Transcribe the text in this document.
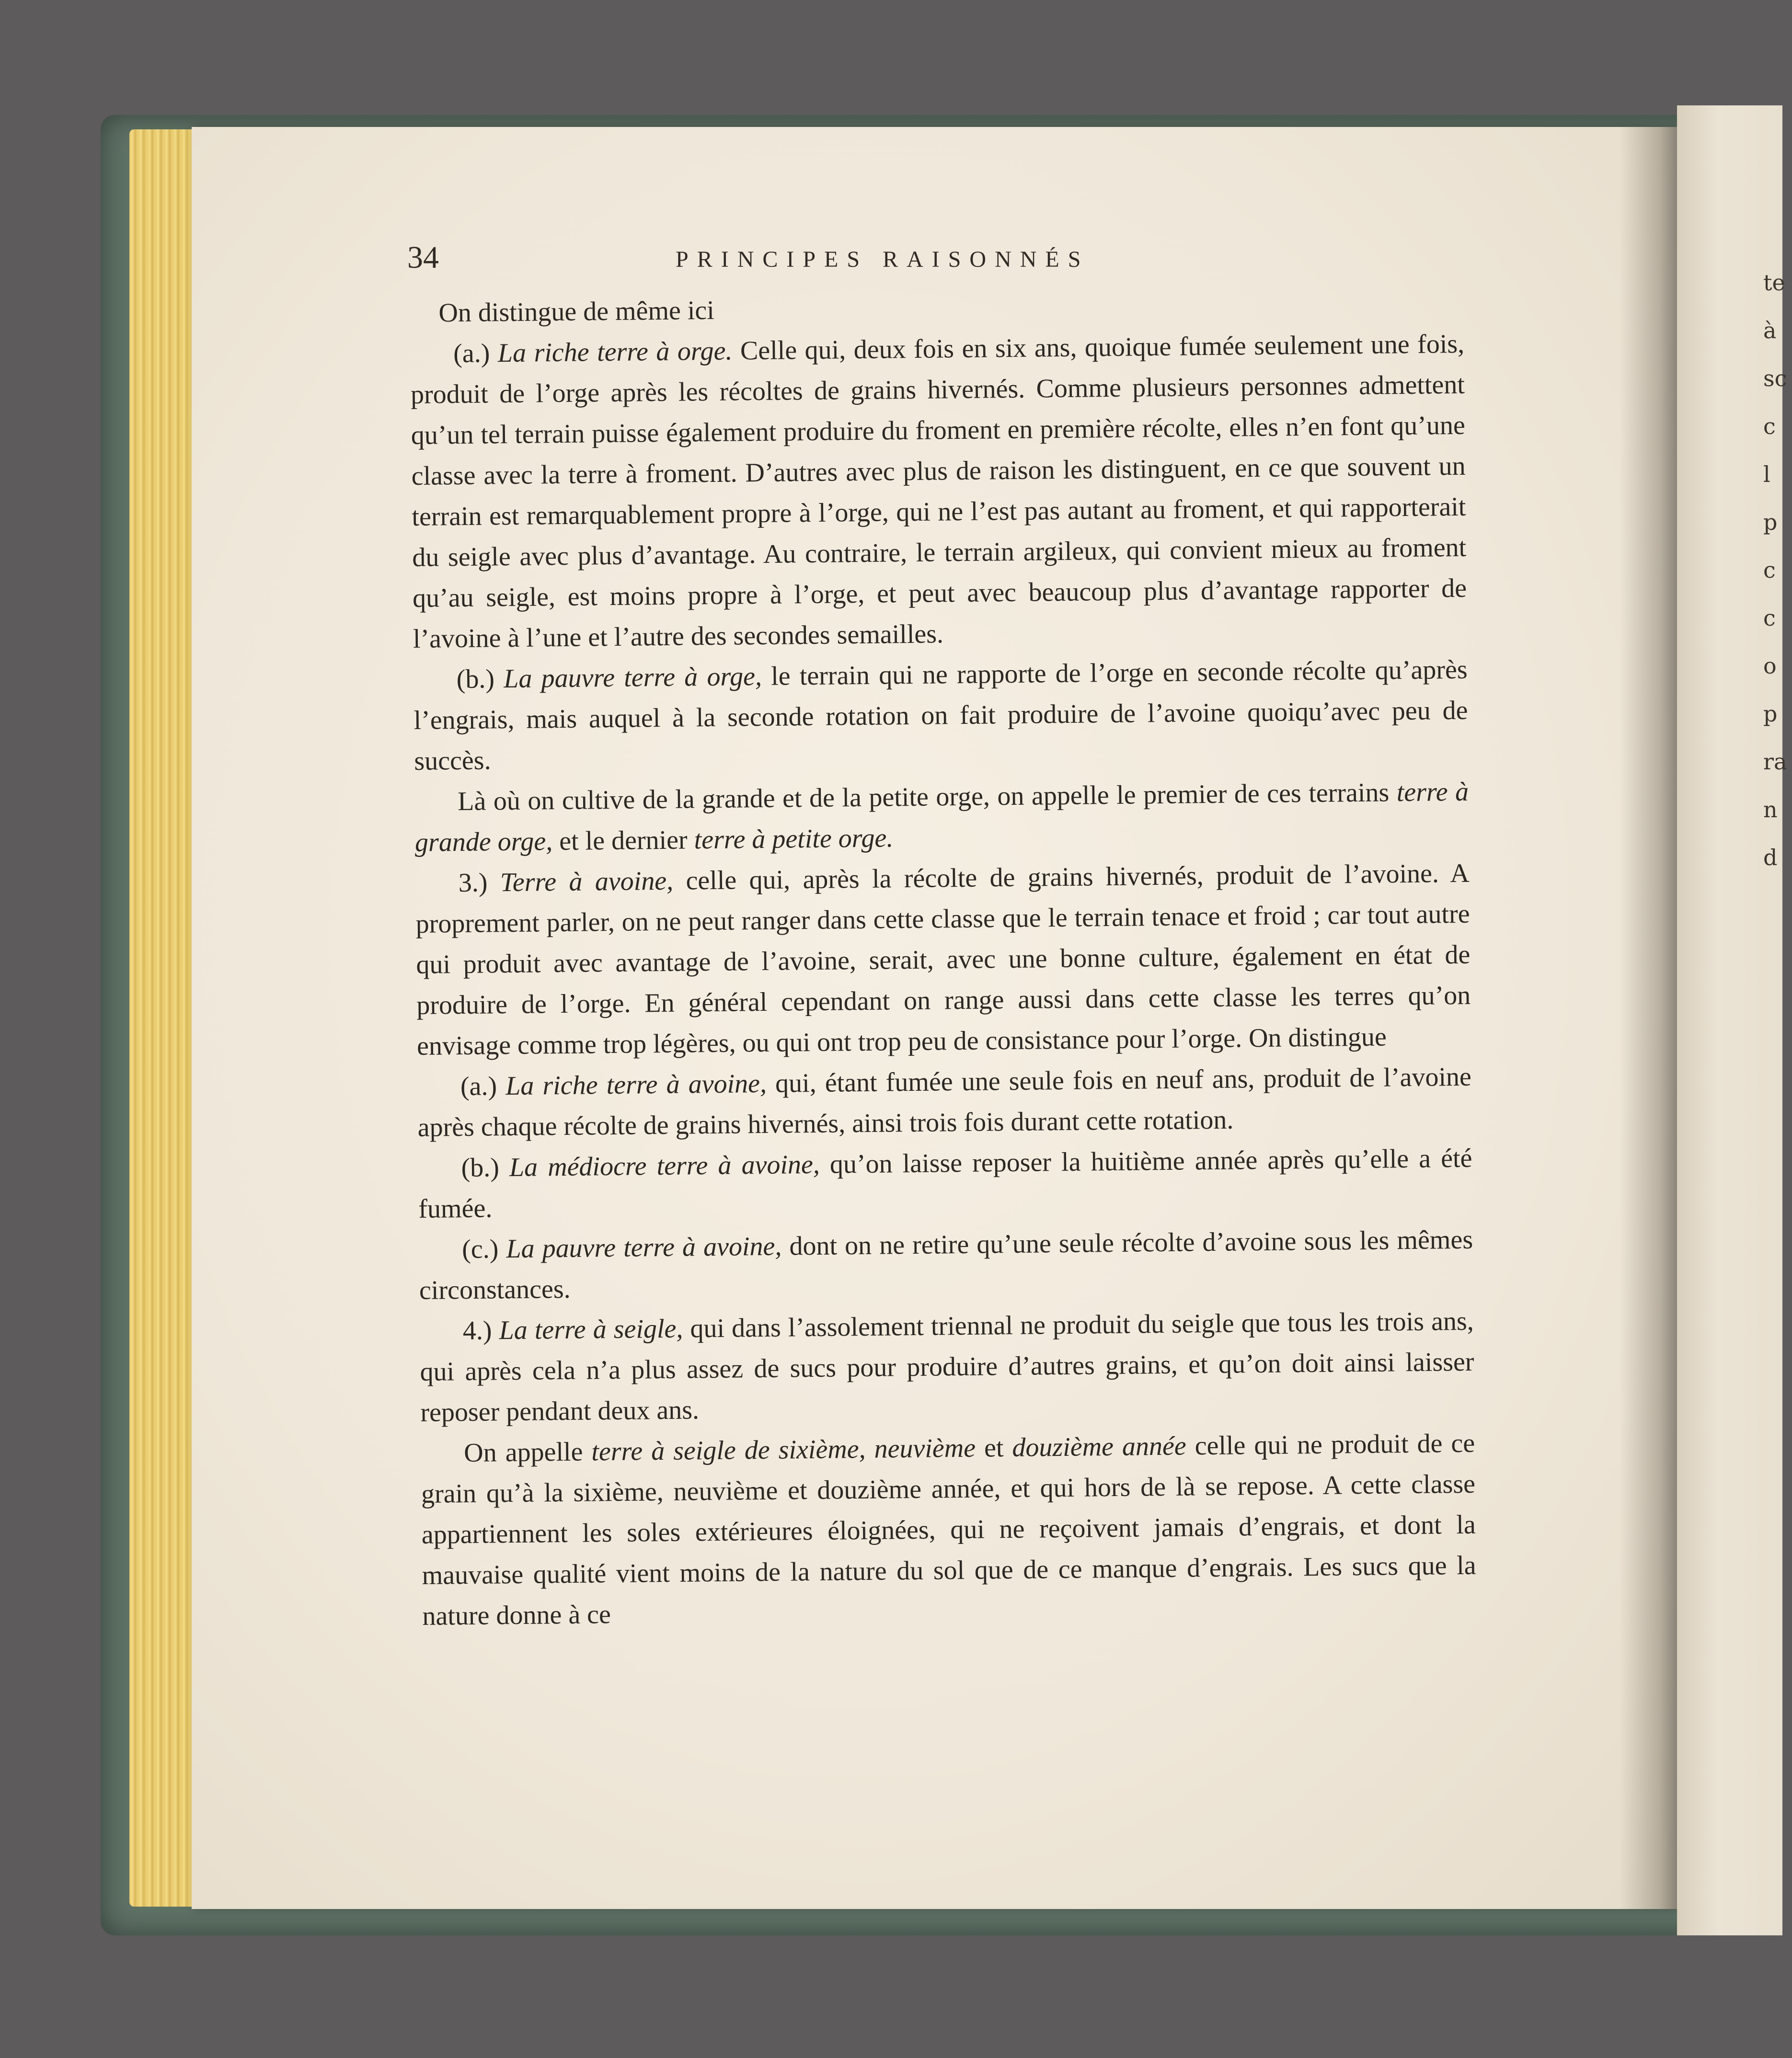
te
à
sc
c
l
p
c
c
o
p
ra
n
d
34	PRINCIPES RAISONNÉS

On distingue de même ici

(a.) La riche terre à orge. Celle qui, deux fois en six ans, quoique fumée seulement une fois, produit de l’orge après les récoltes de grains hivernés. Comme plusieurs personnes admettent qu’un tel terrain puisse également produire du froment en première récolte, elles n’en font qu’une classe avec la terre à froment. D’autres avec plus de raison les distinguent, en ce que souvent un terrain est remarquablement propre à l’orge, qui ne l’est pas autant au froment, et qui rapporterait du seigle avec plus d’avantage. Au contraire, le terrain argileux, qui convient mieux au froment qu’au seigle, est moins propre à l’orge, et peut avec beaucoup plus d’avantage rapporter de l’avoine à l’une et l’autre des secondes semailles.

(b.) La pauvre terre à orge, le terrain qui ne rapporte de l’orge en seconde récolte qu’après l’engrais, mais auquel à la seconde rotation on fait produire de l’avoine quoiqu’avec peu de succès.

Là où on cultive de la grande et de la petite orge, on appelle le premier de ces terrains terre à grande orge, et le dernier terre à petite orge.

3.) Terre à avoine, celle qui, après la récolte de grains hivernés, produit de l’avoine. A proprement parler, on ne peut ranger dans cette classe que le terrain tenace et froid ; car tout autre qui produit avec avantage de l’avoine, serait, avec une bonne culture, également en état de produire de l’orge. En général cependant on range aussi dans cette classe les terres qu’on envisage comme trop légères, ou qui ont trop peu de consistance pour l’orge. On distingue

(a.) La riche terre à avoine, qui, étant fumée une seule fois en neuf ans, produit de l’avoine après chaque récolte de grains hivernés, ainsi trois fois durant cette rotation.

(b.) La médiocre terre à avoine, qu’on laisse reposer la huitième année après qu’elle a été fumée.

(c.) La pauvre terre à avoine, dont on ne retire qu’une seule récolte d’avoine sous les mêmes circonstances.

4.) La terre à seigle, qui dans l’assolement triennal ne produit du seigle que tous les trois ans, qui après cela n’a plus assez de sucs pour produire d’autres grains, et qu’on doit ainsi laisser reposer pendant deux ans.

On appelle terre à seigle de sixième, neuvième et douzième année celle qui ne produit de ce grain qu’à la sixième, neuvième et douzième année, et qui hors de là se repose. A cette classe appartiennent les soles extérieures éloignées, qui ne reçoivent jamais d’engrais, et dont la mauvaise qualité vient moins de la nature du sol que de ce manque d’engrais. Les sucs que la nature donne à ce
